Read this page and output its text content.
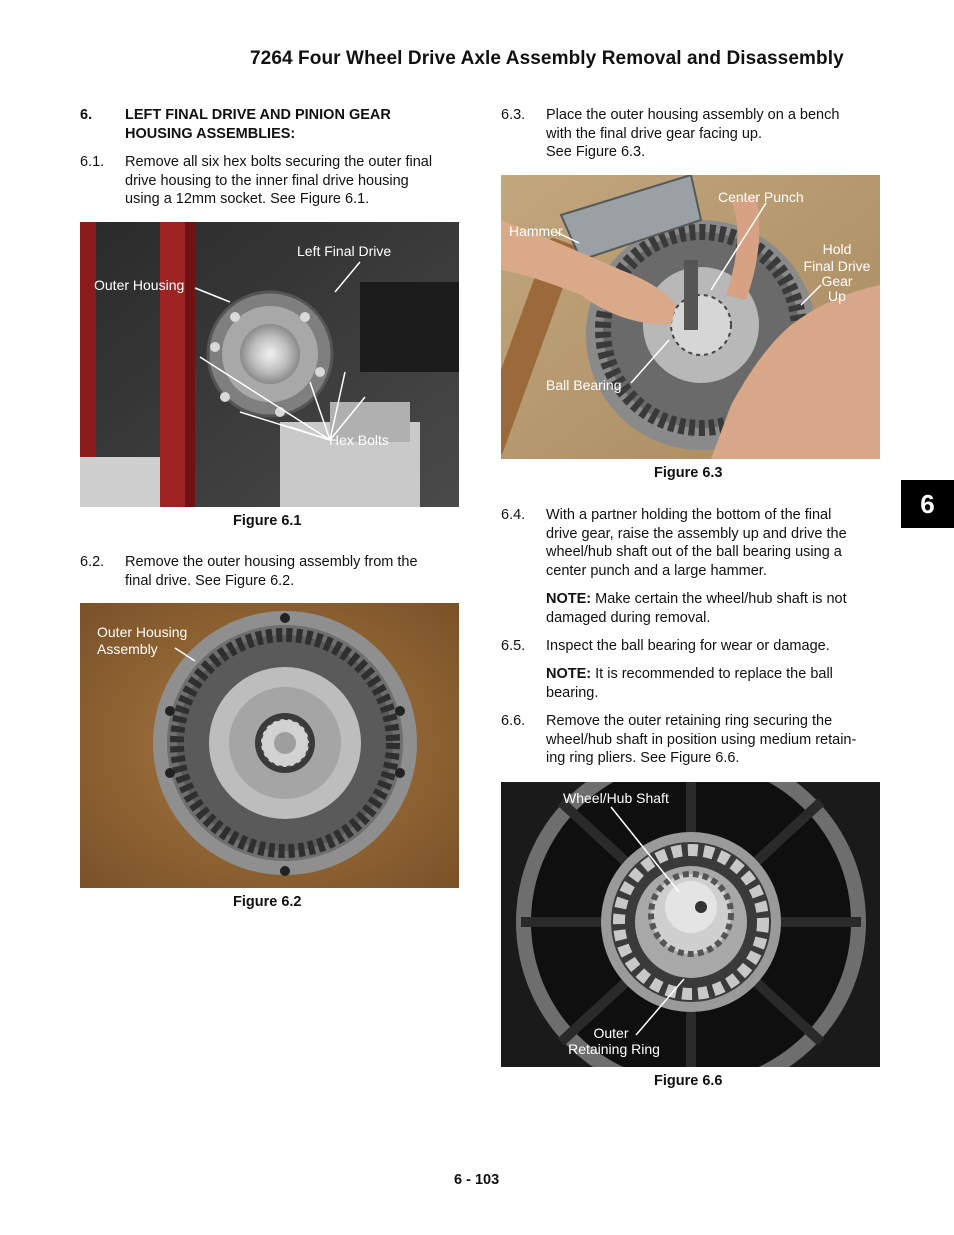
7264 Four Wheel Drive Axle Assembly Removal and Disassembly
6. LEFT FINAL DRIVE AND PINION GEAR
HOUSING ASSEMBLIES:
6.1. Remove all six hex bolts securing the outer final
drive housing to the inner final drive housing
using a 12mm socket. See Figure 6.1.
Left Final Drive
Outer Housing
Hex Bolts
Figure 6.1
6.2. Remove the outer housing assembly from the
final drive. See Figure 6.2.
Outer Housing
Assembly
Figure 6.2
6.3. Place the outer housing assembly on a bench
with the final drive gear facing up.
See Figure 6.3.
Hammer
Center Punch
Hold
Final Drive
Gear
Up
Ball Bearing
Figure 6.3
6.4. With a partner holding the bottom of the final
drive gear, raise the assembly up and drive the
wheel/hub shaft out of the ball bearing using a
center punch and a large hammer.
NOTE: Make certain the wheel/hub shaft is not
damaged during removal.
6.5. Inspect the ball bearing for wear or damage.
NOTE: It is recommended to replace the ball
bearing.
6.6. Remove the outer retaining ring securing the
wheel/hub shaft in position using medium retain-
ing ring pliers. See Figure 6.6.
Wheel/Hub Shaft
Outer
Retaining Ring
Figure 6.6
6
6 - 103
